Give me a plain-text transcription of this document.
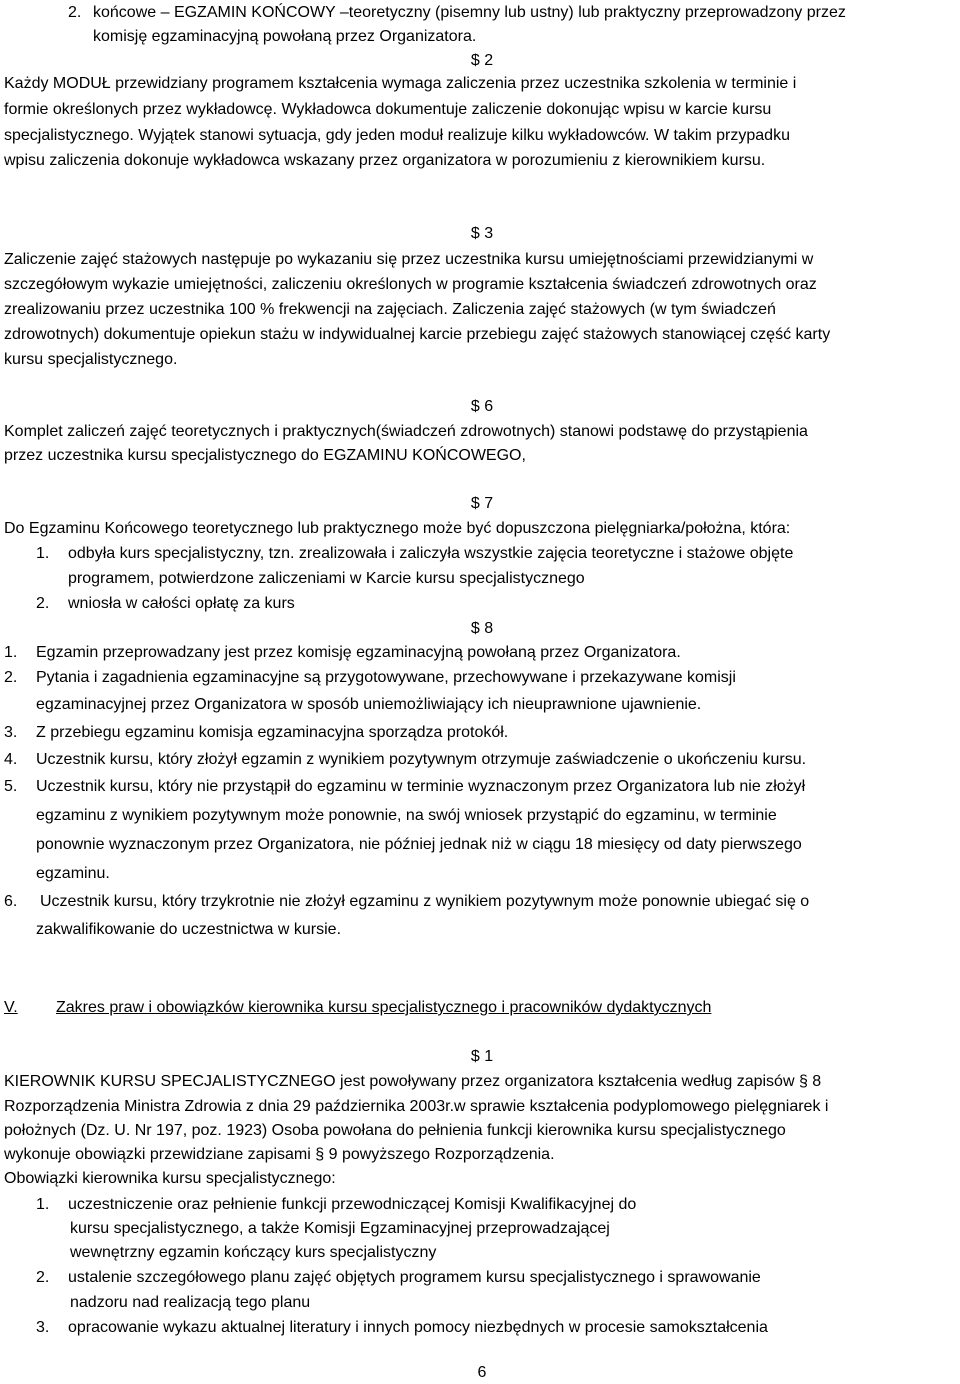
2. końcowe – EGZAMIN KOŃCOWY –teoretyczny (pisemny lub ustny) lub praktyczny przeprowadzony przez
komisję egzaminacyjną powołaną przez Organizatora.
$ 2
Każdy MODUŁ przewidziany programem kształcenia wymaga zaliczenia przez uczestnika szkolenia w terminie i
formie określonych przez wykładowcę. Wykładowca dokumentuje zaliczenie dokonując wpisu w karcie kursu
specjalistycznego. Wyjątek stanowi sytuacja, gdy jeden moduł realizuje kilku wykładowców. W takim przypadku
wpisu zaliczenia dokonuje wykładowca wskazany przez organizatora w porozumieniu z kierownikiem kursu.
$ 3
Zaliczenie zajęć stażowych następuje po wykazaniu się przez uczestnika kursu umiejętnościami przewidzianymi w
szczegółowym wykazie umiejętności, zaliczeniu określonych w programie kształcenia świadczeń zdrowotnych oraz
zrealizowaniu przez uczestnika 100 % frekwencji na zajęciach. Zaliczenia zajęć stażowych (w tym świadczeń
zdrowotnych) dokumentuje opiekun stażu w indywidualnej karcie przebiegu zajęć stażowych stanowiącej część karty
kursu specjalistycznego.
$ 6
Komplet zaliczeń zajęć teoretycznych i praktycznych(świadczeń zdrowotnych) stanowi podstawę do przystąpienia
przez uczestnika kursu specjalistycznego do EGZAMINU KOŃCOWEGO,
$ 7
Do Egzaminu Końcowego teoretycznego lub praktycznego może być dopuszczona pielęgniarka/położna, która:
1. odbyła kurs specjalistyczny, tzn. zrealizowała i zaliczyła wszystkie zajęcia teoretyczne i stażowe objęte
programem, potwierdzone zaliczeniami w Karcie kursu specjalistycznego
2. wniosła w całości opłatę za kurs
$ 8
1. Egzamin przeprowadzany jest przez komisję egzaminacyjną powołaną przez Organizatora.
2. Pytania i zagadnienia egzaminacyjne są przygotowywane, przechowywane i przekazywane komisji
egzaminacyjnej przez Organizatora w sposób uniemożliwiający ich nieuprawnione ujawnienie.
3. Z przebiegu egzaminu komisja egzaminacyjna sporządza protokół.
4. Uczestnik kursu, który złożył egzamin z wynikiem pozytywnym otrzymuje zaświadczenie o ukończeniu kursu.
5. Uczestnik kursu, który nie przystąpił do egzaminu w terminie wyznaczonym przez Organizatora lub nie złożył
egzaminu z wynikiem pozytywnym może ponownie, na swój wniosek przystąpić do egzaminu, w terminie
ponownie wyznaczonym przez Organizatora, nie później jednak niż w ciągu 18 miesięcy od daty pierwszego
egzaminu.
6. Uczestnik kursu, który trzykrotnie nie złożył egzaminu z wynikiem pozytywnym może ponownie ubiegać się o
zakwalifikowanie do uczestnictwa w kursie.
V. Zakres praw i obowiązków kierownika kursu specjalistycznego i pracowników dydaktycznych
$ 1
KIEROWNIK KURSU SPECJALISTYCZNEGO jest powoływany przez organizatora kształcenia według zapisów § 8
Rozporządzenia Ministra Zdrowia z dnia 29 października 2003r.w sprawie kształcenia podyplomowego pielęgniarek i
położnych (Dz. U. Nr 197, poz. 1923) Osoba powołana do pełnienia funkcji kierownika kursu specjalistycznego
wykonuje obowiązki przewidziane zapisami § 9 powyższego Rozporządzenia.
Obowiązki kierownika kursu specjalistycznego:
1. uczestniczenie oraz pełnienie funkcji przewodniczącej Komisji Kwalifikacyjnej do
kursu specjalistycznego, a także Komisji Egzaminacyjnej przeprowadzającej
wewnętrzny egzamin kończący kurs specjalistyczny
2. ustalenie szczegółowego planu zajęć objętych programem kursu specjalistycznego i sprawowanie
nadzoru nad realizacją tego planu
3. opracowanie wykazu aktualnej literatury i innych pomocy niezbędnych w procesie samokształcenia
6
